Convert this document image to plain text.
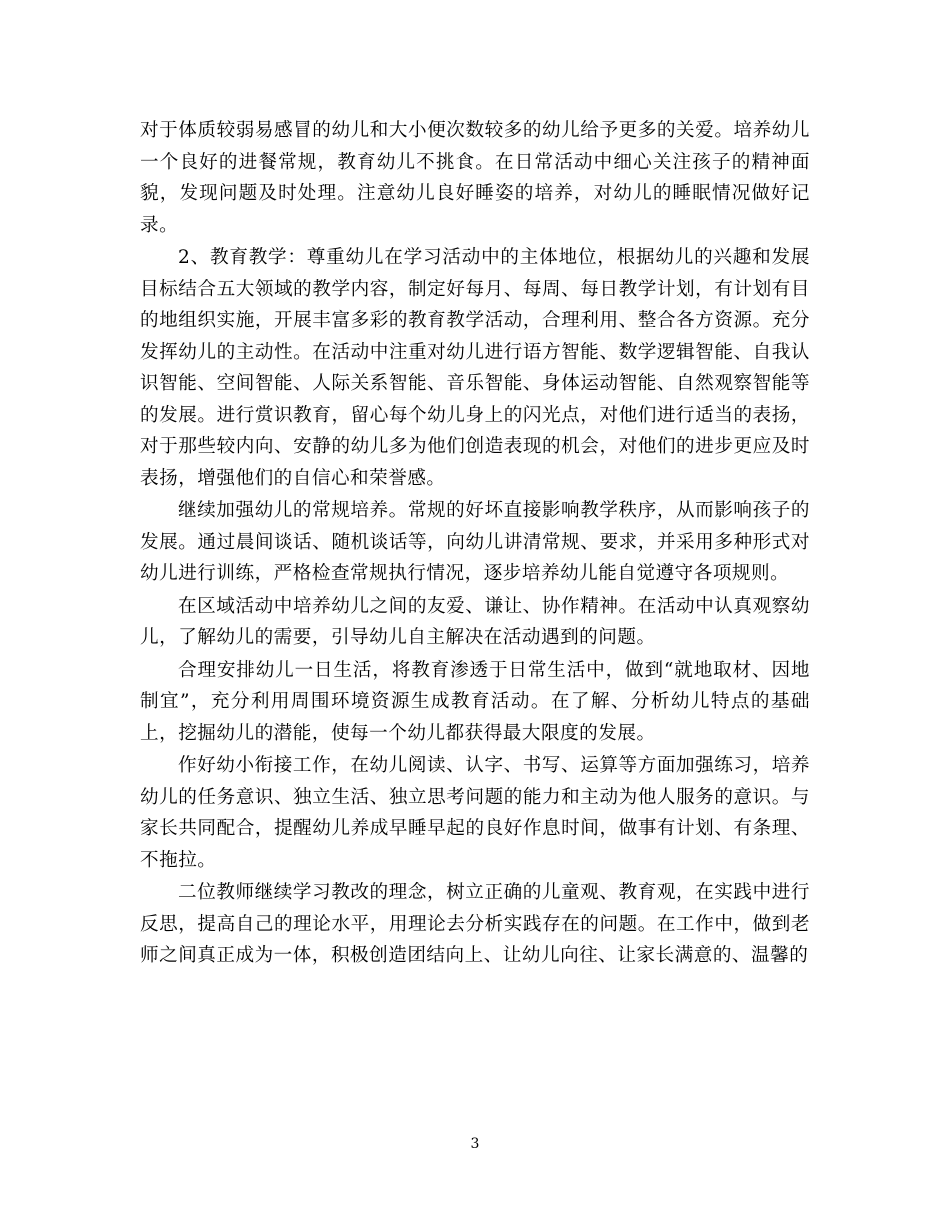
对于体质较弱易感冒的幼儿和大小便次数较多的幼儿给予更多的关爱。培养幼儿一个良好的进餐常规，教育幼儿不挑食。在日常活动中细心关注孩子的精神面貌，发现问题及时处理。注意幼儿良好睡姿的培养，对幼儿的睡眠情况做好记录。

2、教育教学：尊重幼儿在学习活动中的主体地位，根据幼儿的兴趣和发展目标结合五大领域的教学内容，制定好每月、每周、每日教学计划，有计划有目的地组织实施，开展丰富多彩的教育教学活动，合理利用、整合各方资源。充分发挥幼儿的主动性。在活动中注重对幼儿进行语方智能、数学逻辑智能、自我认识智能、空间智能、人际关系智能、音乐智能、身体运动智能、自然观察智能等的发展。进行赏识教育，留心每个幼儿身上的闪光点，对他们进行适当的表扬，对于那些较内向、安静的幼儿多为他们创造表现的机会，对他们的进步更应及时表扬，增强他们的自信心和荣誉感。

继续加强幼儿的常规培养。常规的好坏直接影响教学秩序，从而影响孩子的发展。通过晨间谈话、随机谈话等，向幼儿讲清常规、要求，并采用多种形式对幼儿进行训练，严格检查常规执行情况，逐步培养幼儿能自觉遵守各项规则。

在区域活动中培养幼儿之间的友爱、谦让、协作精神。在活动中认真观察幼儿，了解幼儿的需要，引导幼儿自主解决在活动遇到的问题。

合理安排幼儿一日生活，将教育渗透于日常生活中，做到“就地取材、因地制宜”，充分利用周围环境资源生成教育活动。在了解、分析幼儿特点的基础上，挖掘幼儿的潜能，使每一个幼儿都获得最大限度的发展。

作好幼小衔接工作，在幼儿阅读、认字、书写、运算等方面加强练习，培养幼儿的任务意识、独立生活、独立思考问题的能力和主动为他人服务的意识。与家长共同配合，提醒幼儿养成早睡早起的良好作息时间，做事有计划、有条理、不拖拉。

二位教师继续学习教改的理念，树立正确的儿童观、教育观，在实践中进行反思，提高自己的理论水平，用理论去分析实践存在的问题。在工作中，做到老师之间真正成为一体，积极创造团结向上、让幼儿向往、让家长满意的、温馨的

3
